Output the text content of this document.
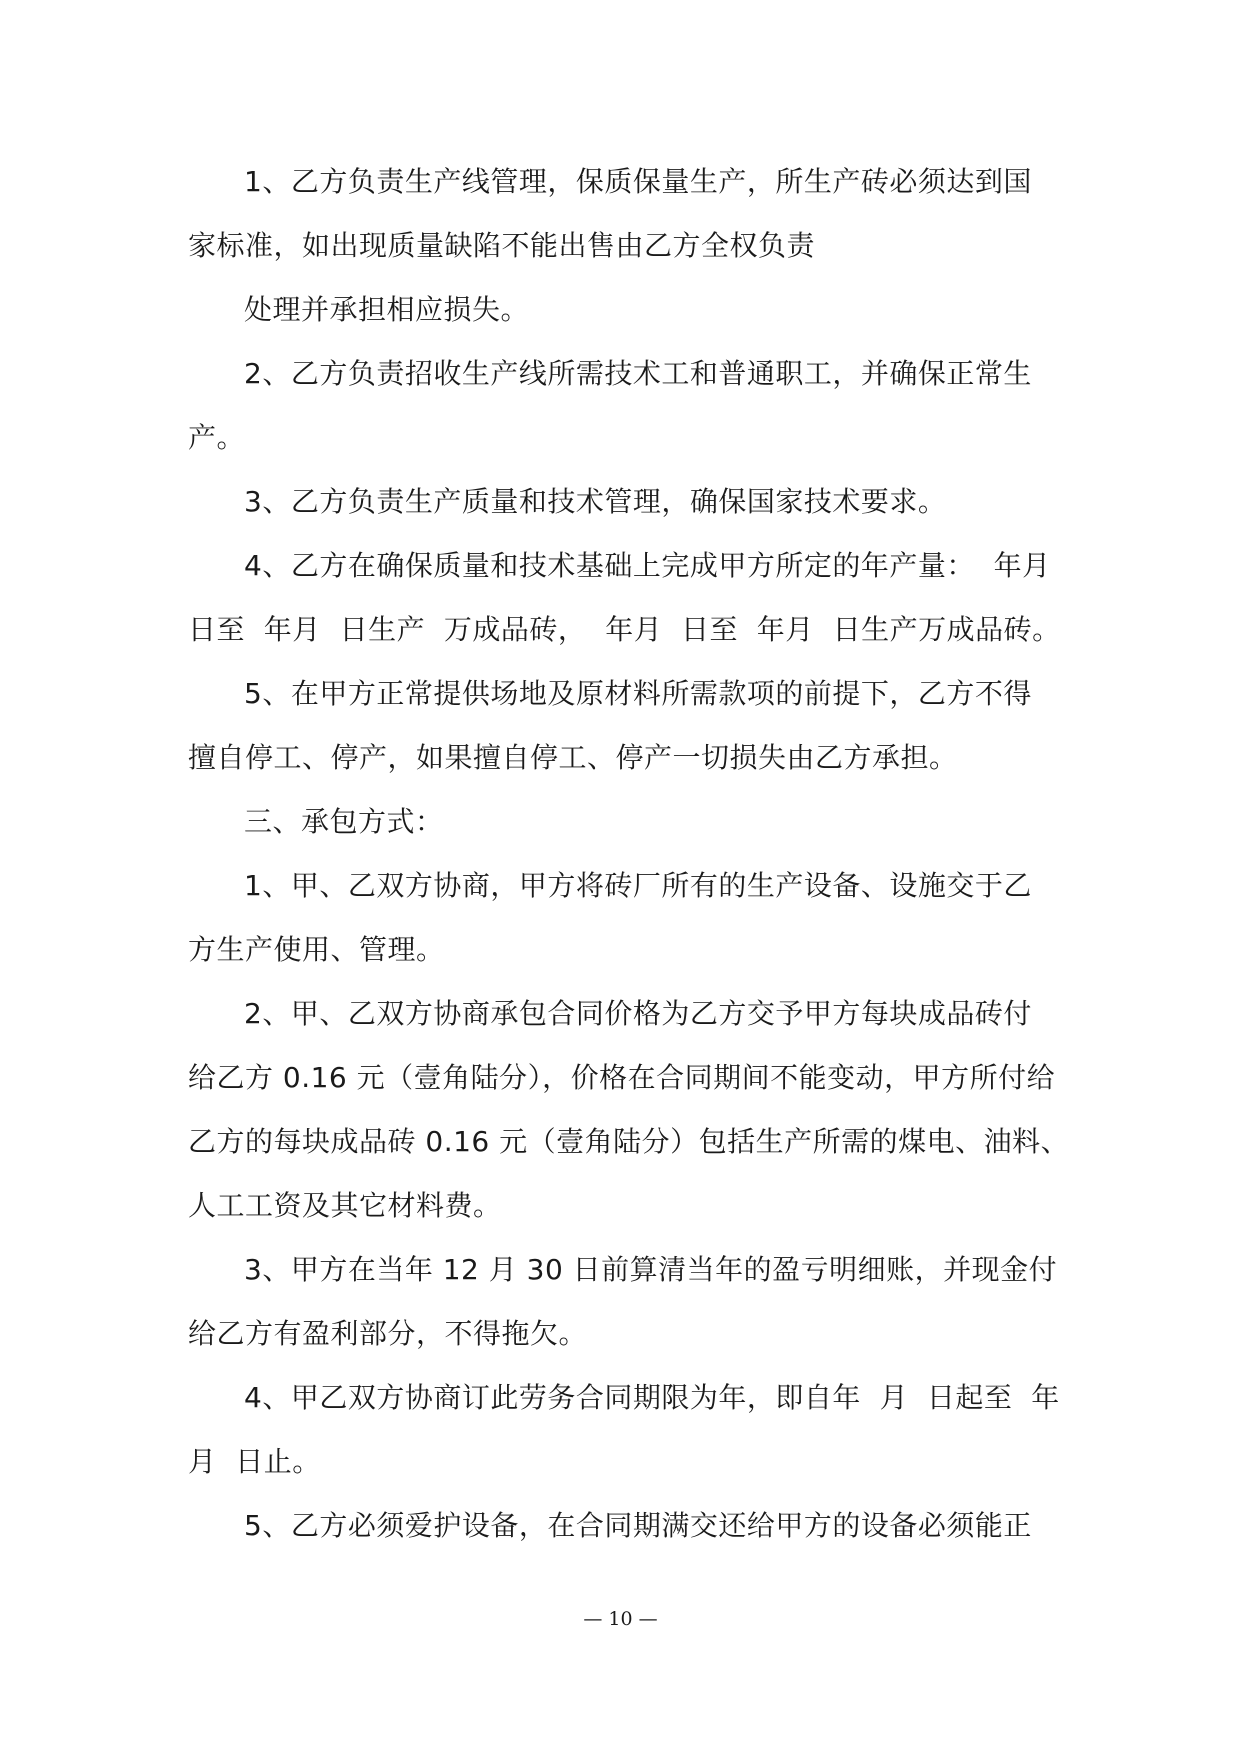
1、乙方负责生产线管理，保质保量生产，所生产砖必须达到国
家标准，如出现质量缺陷不能出售由乙方全权负责
处理并承担相应损失。
2、乙方负责招收生产线所需技术工和普通职工，并确保正常生
产。
3、乙方负责生产质量和技术管理，确保国家技术要求。
4、乙方在确保质量和技术基础上完成甲方所定的年产量：  年月
日至  年月  日生产  万成品砖，  年月  日至  年月  日生产万成品砖。
5、在甲方正常提供场地及原材料所需款项的前提下，乙方不得
擅自停工、停产，如果擅自停工、停产一切损失由乙方承担。
三、承包方式：
1、甲、乙双方协商，甲方将砖厂所有的生产设备、设施交于乙
方生产使用、管理。
2、甲、乙双方协商承包合同价格为乙方交予甲方每块成品砖付
给乙方 0.16 元（壹角陆分），价格在合同期间不能变动，甲方所付给
乙方的每块成品砖 0.16 元（壹角陆分）包括生产所需的煤电、油料、
人工工资及其它材料费。
3、甲方在当年 12 月 30 日前算清当年的盈亏明细账，并现金付
给乙方有盈利部分，不得拖欠。
4、甲乙双方协商订此劳务合同期限为年，即自年  月  日起至  年
月  日止。
5、乙方必须爱护设备，在合同期满交还给甲方的设备必须能正
— 10 —
